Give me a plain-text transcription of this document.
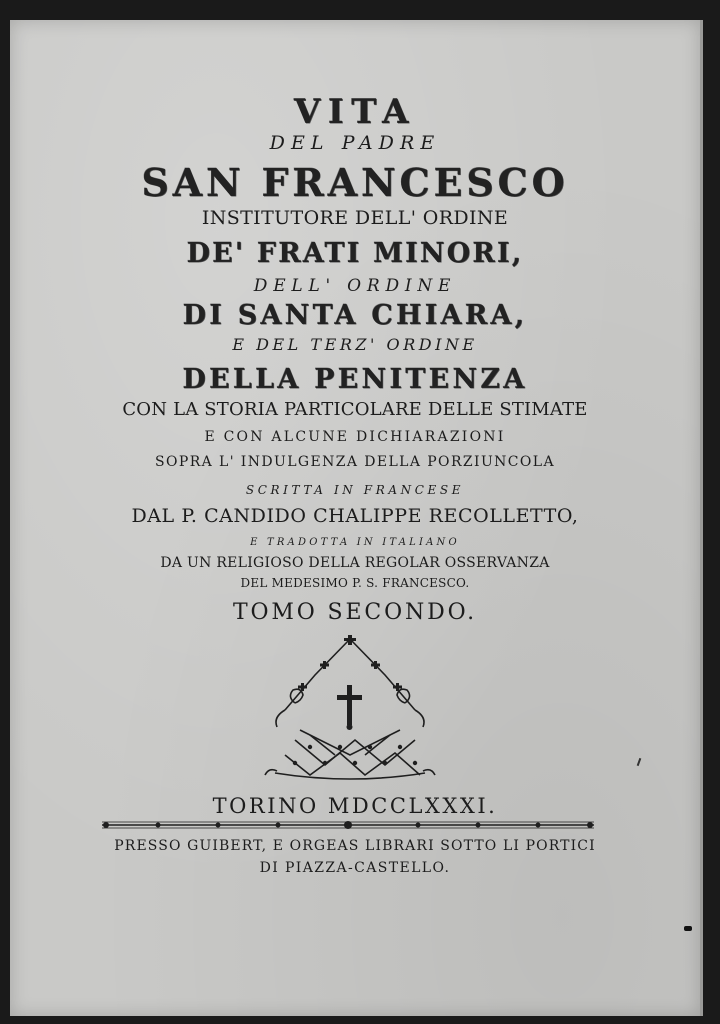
VITA
DEL PADRE
SAN FRANCESCO
INSTITUTORE DELL' ORDINE
DE' FRATI MINORI,
DELL' ORDINE
DI SANTA CHIARA,
E DEL TERZ' ORDINE
DELLA PENITENZA
CON LA STORIA PARTICOLARE DELLE STIMATE
E CON ALCUNE DICHIARAZIONI
SOPRA L' INDULGENZA DELLA PORZIUNCOLA
SCRITTA IN FRANCESE
DAL P. CANDIDO CHALIPPE RECOLLETTO,
E TRADOTTA IN ITALIANO
DA UN RELIGIOSO DELLA REGOLAR OSSERVANZA
DEL MEDESIMO P. S. FRANCESCO.
TOMO SECONDO.
TORINO MDCCLXXXI.
PRESSO GUIBERT, E ORGEAS LIBRARI SOTTO LI PORTICI
DI PIAZZA-CASTELLO.
